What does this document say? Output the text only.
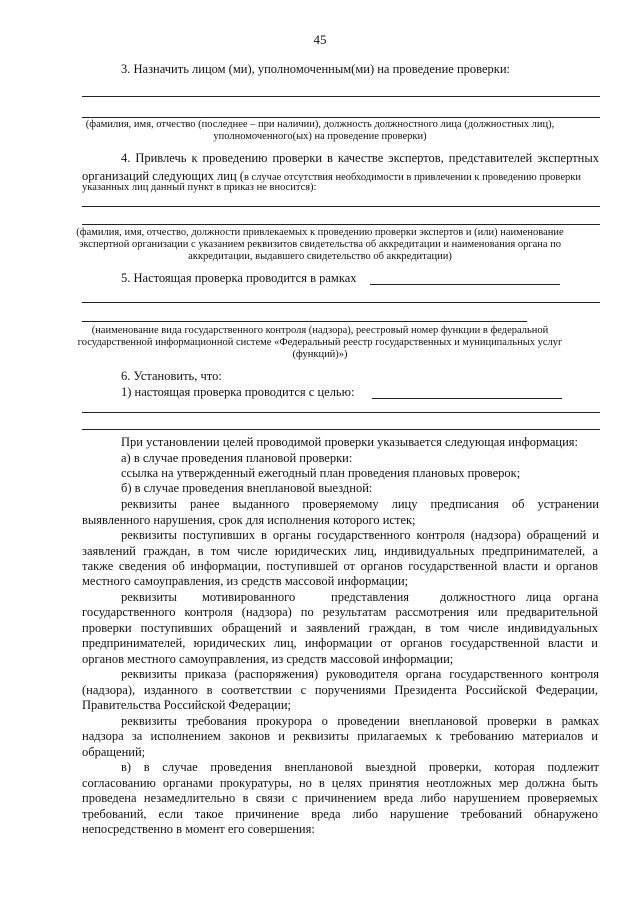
45
3. Назначить лицом (ми), уполномоченным(ми) на проведение проверки:
(фамилия, имя, отчество (последнее – при наличии), должность должностного лица (должностных лиц),
уполномоченного(ых) на проведение проверки)
4. Привлечь к проведению проверки в качестве экспертов, представителей экспертных
организаций следующих лиц (в случае отсутствия необходимости в привлечении к проведению проверки
указанных лиц данный пункт в приказ не вносится):
(фамилия, имя, отчество, должности привлекаемых к проведению проверки экспертов и (или) наименование
экспертной организации с указанием реквизитов свидетельства об аккредитации и наименования органа по
аккредитации, выдавшего свидетельство об аккредитации)
5. Настоящая проверка проводится в рамках
(наименование вида государственного контроля (надзора), реестровый номер функции в федеральной
государственной информационной системе «Федеральный реестр государственных и муниципальных услуг
(функций)»)
6. Установить, что:
1) настоящая проверка проводится с целью:
При установлении целей проводимой проверки указывается следующая информация:
а) в случае проведения плановой проверки:
ссылка на утвержденный ежегодный план проведения плановых проверок;
б) в случае проведения внеплановой выездной:
реквизиты ранее выданного проверяемому лицу предписания об устранении
выявленного нарушения, срок для исполнения которого истек;
реквизиты поступивших в органы государственного контроля (надзора) обращений и
заявлений граждан, в том числе юридических лиц, индивидуальных предпринимателей, а
также сведения об информации, поступившей от органов государственной власти и органов
местного самоуправления, из средств массовой информации;
реквизиты мотивированного	представления должностного лица органа
государственного контроля (надзора) по результатам рассмотрения или предварительной
проверки поступивших обращений и заявлений граждан, в том числе индивидуальных
предпринимателей, юридических лиц, информации от органов государственной власти и
органов местного самоуправления, из средств массовой информации;
реквизиты приказа (распоряжения) руководителя органа государственного контроля
(надзора), изданного в соответствии с поручениями Президента Российской Федерации,
Правительства Российской Федерации;
реквизиты требования прокурора о проведении внеплановой проверки в рамках
надзора за исполнением законов и реквизиты прилагаемых к требованию материалов и
обращений;
в) в случае проведения внеплановой выездной проверки, которая подлежит
согласованию органами прокуратуры, но в целях принятия неотложных мер должна быть
проведена незамедлительно в связи с причинением вреда либо нарушением проверяемых
требований, если такое причинение вреда либо нарушение требований обнаружено
непосредственно в момент его совершения:
